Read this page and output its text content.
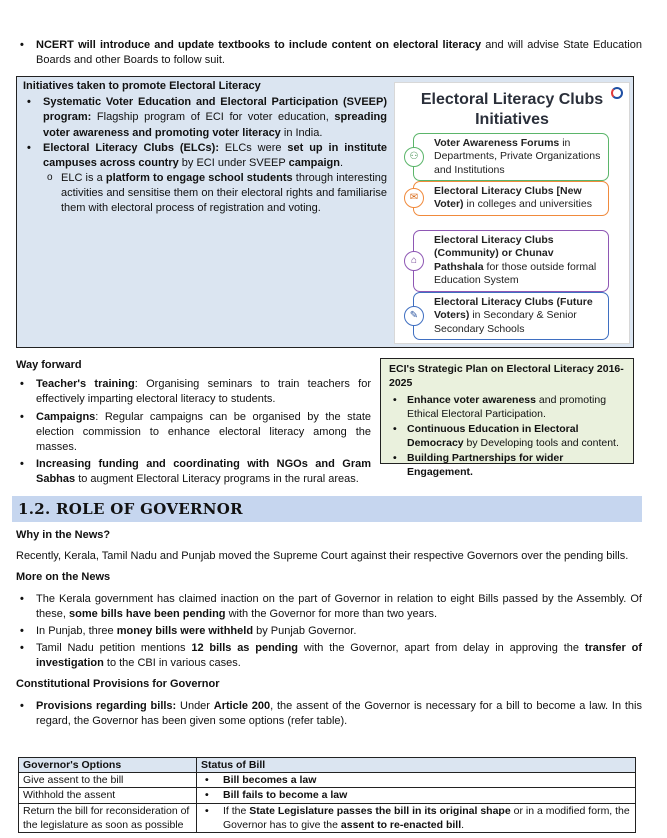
• NCERT will introduce and update textbooks to include content on electoral literacy and will advise State Education Boards and other Boards to follow suit.
Initiatives taken to promote Electoral Literacy
• Systematic Voter Education and Electoral Participation (SVEEP) program: Flagship program of ECI for voter education, spreading voter awareness and promoting voter literacy in India.
• Electoral Literacy Clubs (ELCs): ELCs were set up in institute campuses across country by ECI under SVEEP campaign.
o ELC is a platform to engage school students through interesting activities and sensitise them on their electoral rights and familiarise them with electoral process of registration and voting.
Electoral Literacy Clubs
Initiatives
⚇
Voter Awareness Forums in Departments, Private Organizations and Institutions
✉
Electoral Literacy Clubs [New Voter) in colleges and universities
⌂
Electoral Literacy Clubs (Community) or Chunav Pathshala for those outside formal Education System
✎
Electoral Literacy Clubs (Future Voters) in Secondary & Senior Secondary Schools
Way forward
• Teacher's training: Organising seminars to train teachers for effectively imparting electoral literacy to students.
• Campaigns: Regular campaigns can be organised by the state election commission to enhance electoral literacy among the masses.
• Increasing funding and coordinating with NGOs and Gram Sabhas to augment Electoral Literacy programs in the rural areas.
ECI's Strategic Plan on Electoral Literacy 2016-2025
• Enhance voter awareness and promoting Ethical Electoral Participation.
• Continuous Education in Electoral Democracy by Developing tools and content.
• Building Partnerships for wider Engagement.
1.2. ROLE OF GOVERNOR
Why in the News?

Recently, Kerala, Tamil Nadu and Punjab moved the Supreme Court against their respective Governors over the pending bills.

More on the News
• The Kerala government has claimed inaction on the part of Governor in relation to eight Bills passed by the Assembly. Of these, some bills have been pending with the Governor for more than two years.
• In Punjab, three money bills were withheld by Punjab Governor.
• Tamil Nadu petition mentions 12 bills as pending with the Governor, apart from delay in approving the transfer of investigation to the CBI in various cases.
Constitutional Provisions for Governor
• Provisions regarding bills: Under Article 200, the assent of the Governor is necessary for a bill to become a law. In this regard, the Governor has been given some options (refer table).
Governor's Options	Status of Bill
Give assent to the bill	• Bill becomes a law

Withhold the assent	• Bill fails to become a law

Return the bill for reconsideration of the legislature as soon as possible	• If the State Legislature passes the bill in its original shape or in a modified form, the Governor has to give the assent to re-enacted bill.
